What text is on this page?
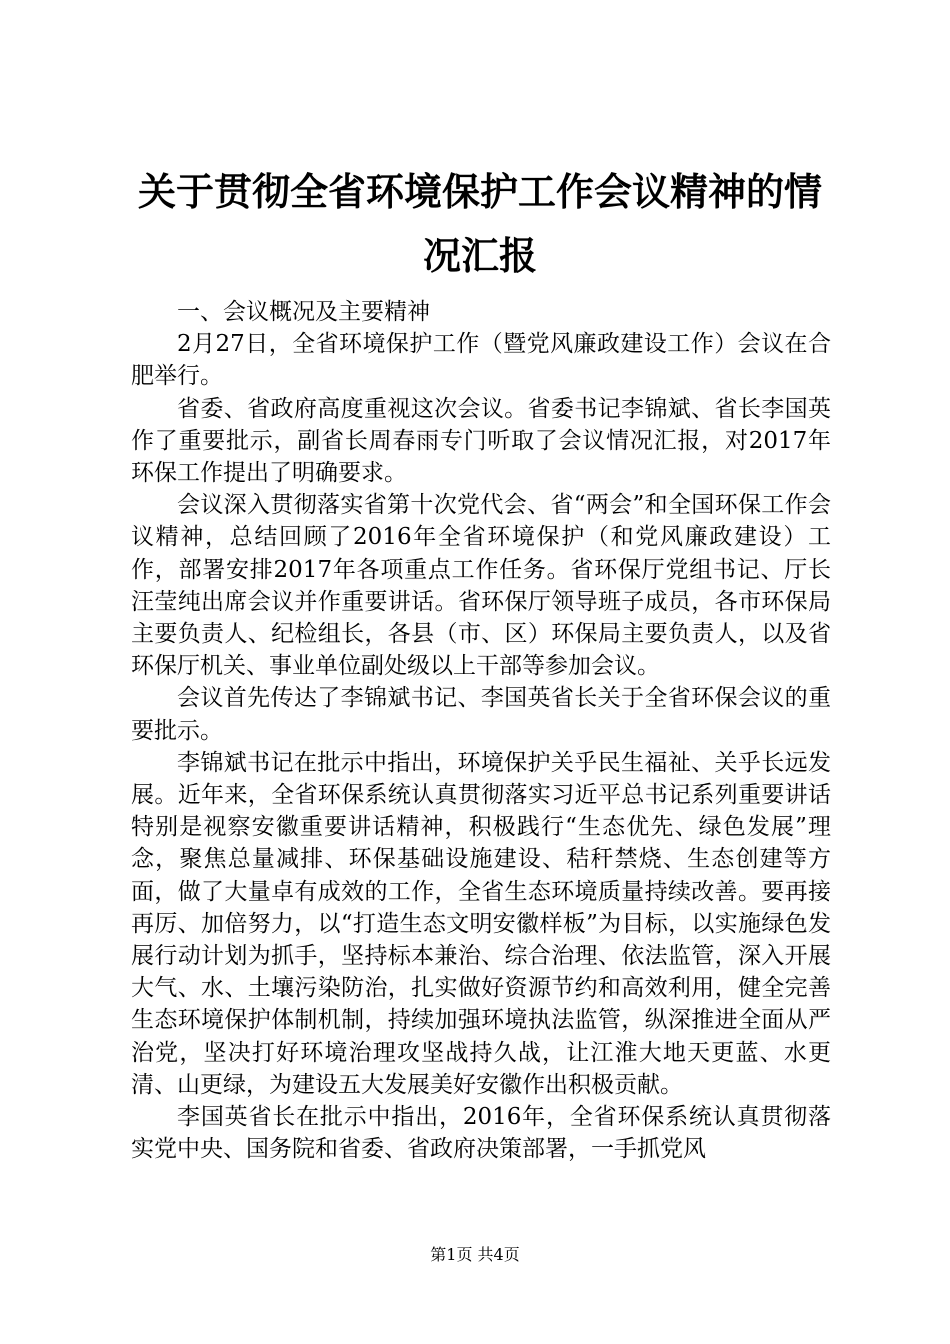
关于贯彻全省环境保护工作会议精神的情况汇报

一、会议概况及主要精神

2月27日，全省环境保护工作（暨党风廉政建设工作）会议在合肥举行。

省委、省政府高度重视这次会议。省委书记李锦斌、省长李国英作了重要批示，副省长周春雨专门听取了会议情况汇报，对2017年环保工作提出了明确要求。

会议深入贯彻落实省第十次党代会、省“两会”和全国环保工作会议精神，总结回顾了2016年全省环境保护（和党风廉政建设）工作，部署安排2017年各项重点工作任务。省环保厅党组书记、厅长汪莹纯出席会议并作重要讲话。省环保厅领导班子成员，各市环保局主要负责人、纪检组长，各县（市、区）环保局主要负责人，以及省环保厅机关、事业单位副处级以上干部等参加会议。

会议首先传达了李锦斌书记、李国英省长关于全省环保会议的重要批示。

李锦斌书记在批示中指出，环境保护关乎民生福祉、关乎长远发展。近年来，全省环保系统认真贯彻落实习近平总书记系列重要讲话特别是视察安徽重要讲话精神，积极践行“生态优先、绿色发展”理念，聚焦总量减排、环保基础设施建设、秸秆禁烧、生态创建等方面，做了大量卓有成效的工作，全省生态环境质量持续改善。要再接再厉、加倍努力，以“打造生态文明安徽样板”为目标，以实施绿色发展行动计划为抓手，坚持标本兼治、综合治理、依法监管，深入开展大气、水、土壤污染防治，扎实做好资源节约和高效利用，健全完善生态环境保护体制机制，持续加强环境执法监管，纵深推进全面从严治党，坚决打好环境治理攻坚战持久战，让江淮大地天更蓝、水更清、山更绿，为建设五大发展美好安徽作出积极贡献。

李国英省长在批示中指出，2016年，全省环保系统认真贯彻落实党中央、国务院和省委、省政府决策部署，一手抓党风

第1页 共4页
